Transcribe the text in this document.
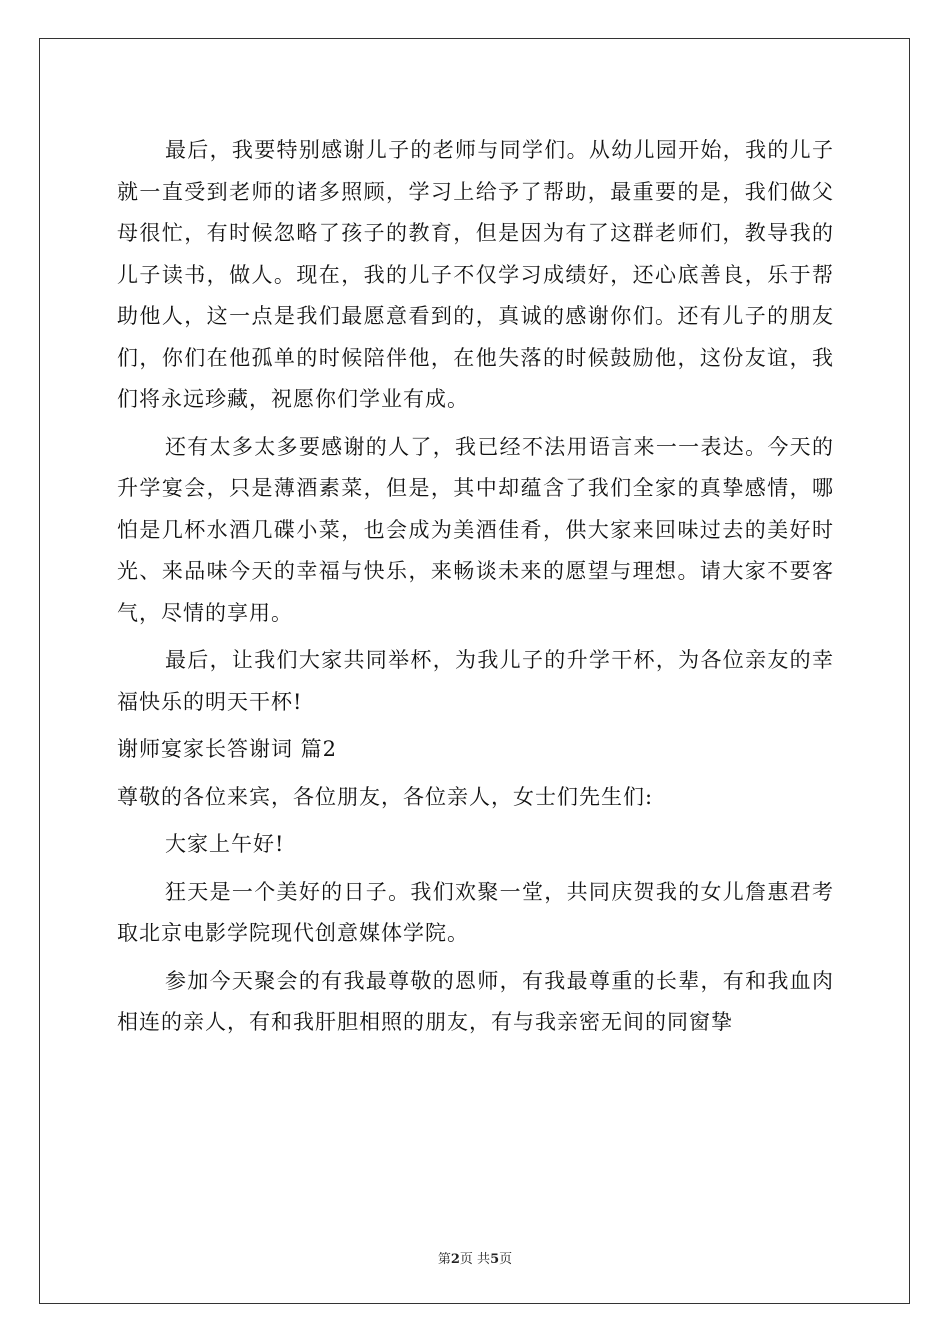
最后，我要特别感谢儿子的老师与同学们。从幼儿园开始，我的儿子就一直受到老师的诸多照顾，学习上给予了帮助，最重要的是，我们做父母很忙，有时候忽略了孩子的教育，但是因为有了这群老师们，教导我的儿子读书，做人。现在，我的儿子不仅学习成绩好，还心底善良，乐于帮助他人，这一点是我们最愿意看到的，真诚的感谢你们。还有儿子的朋友们，你们在他孤单的时候陪伴他，在他失落的时候鼓励他，这份友谊，我们将永远珍藏，祝愿你们学业有成。

还有太多太多要感谢的人了，我已经不法用语言来一一表达。今天的升学宴会，只是薄酒素菜，但是，其中却蕴含了我们全家的真挚感情，哪怕是几杯水酒几碟小菜，也会成为美酒佳肴，供大家来回味过去的美好时光、来品味今天的幸福与快乐，来畅谈未来的愿望与理想。请大家不要客气，尽情的享用。

最后，让我们大家共同举杯，为我儿子的升学干杯，为各位亲友的幸福快乐的明天干杯!

谢师宴家长答谢词 篇2

尊敬的各位来宾，各位朋友，各位亲人，女士们先生们:

大家上午好!

狂天是一个美好的日子。我们欢聚一堂，共同庆贺我的女儿詹惠君考取北京电影学院现代创意媒体学院。

参加今天聚会的有我最尊敬的恩师，有我最尊重的长辈，有和我血肉相连的亲人，有和我肝胆相照的朋友，有与我亲密无间的同窗挚

第2页 共5页
